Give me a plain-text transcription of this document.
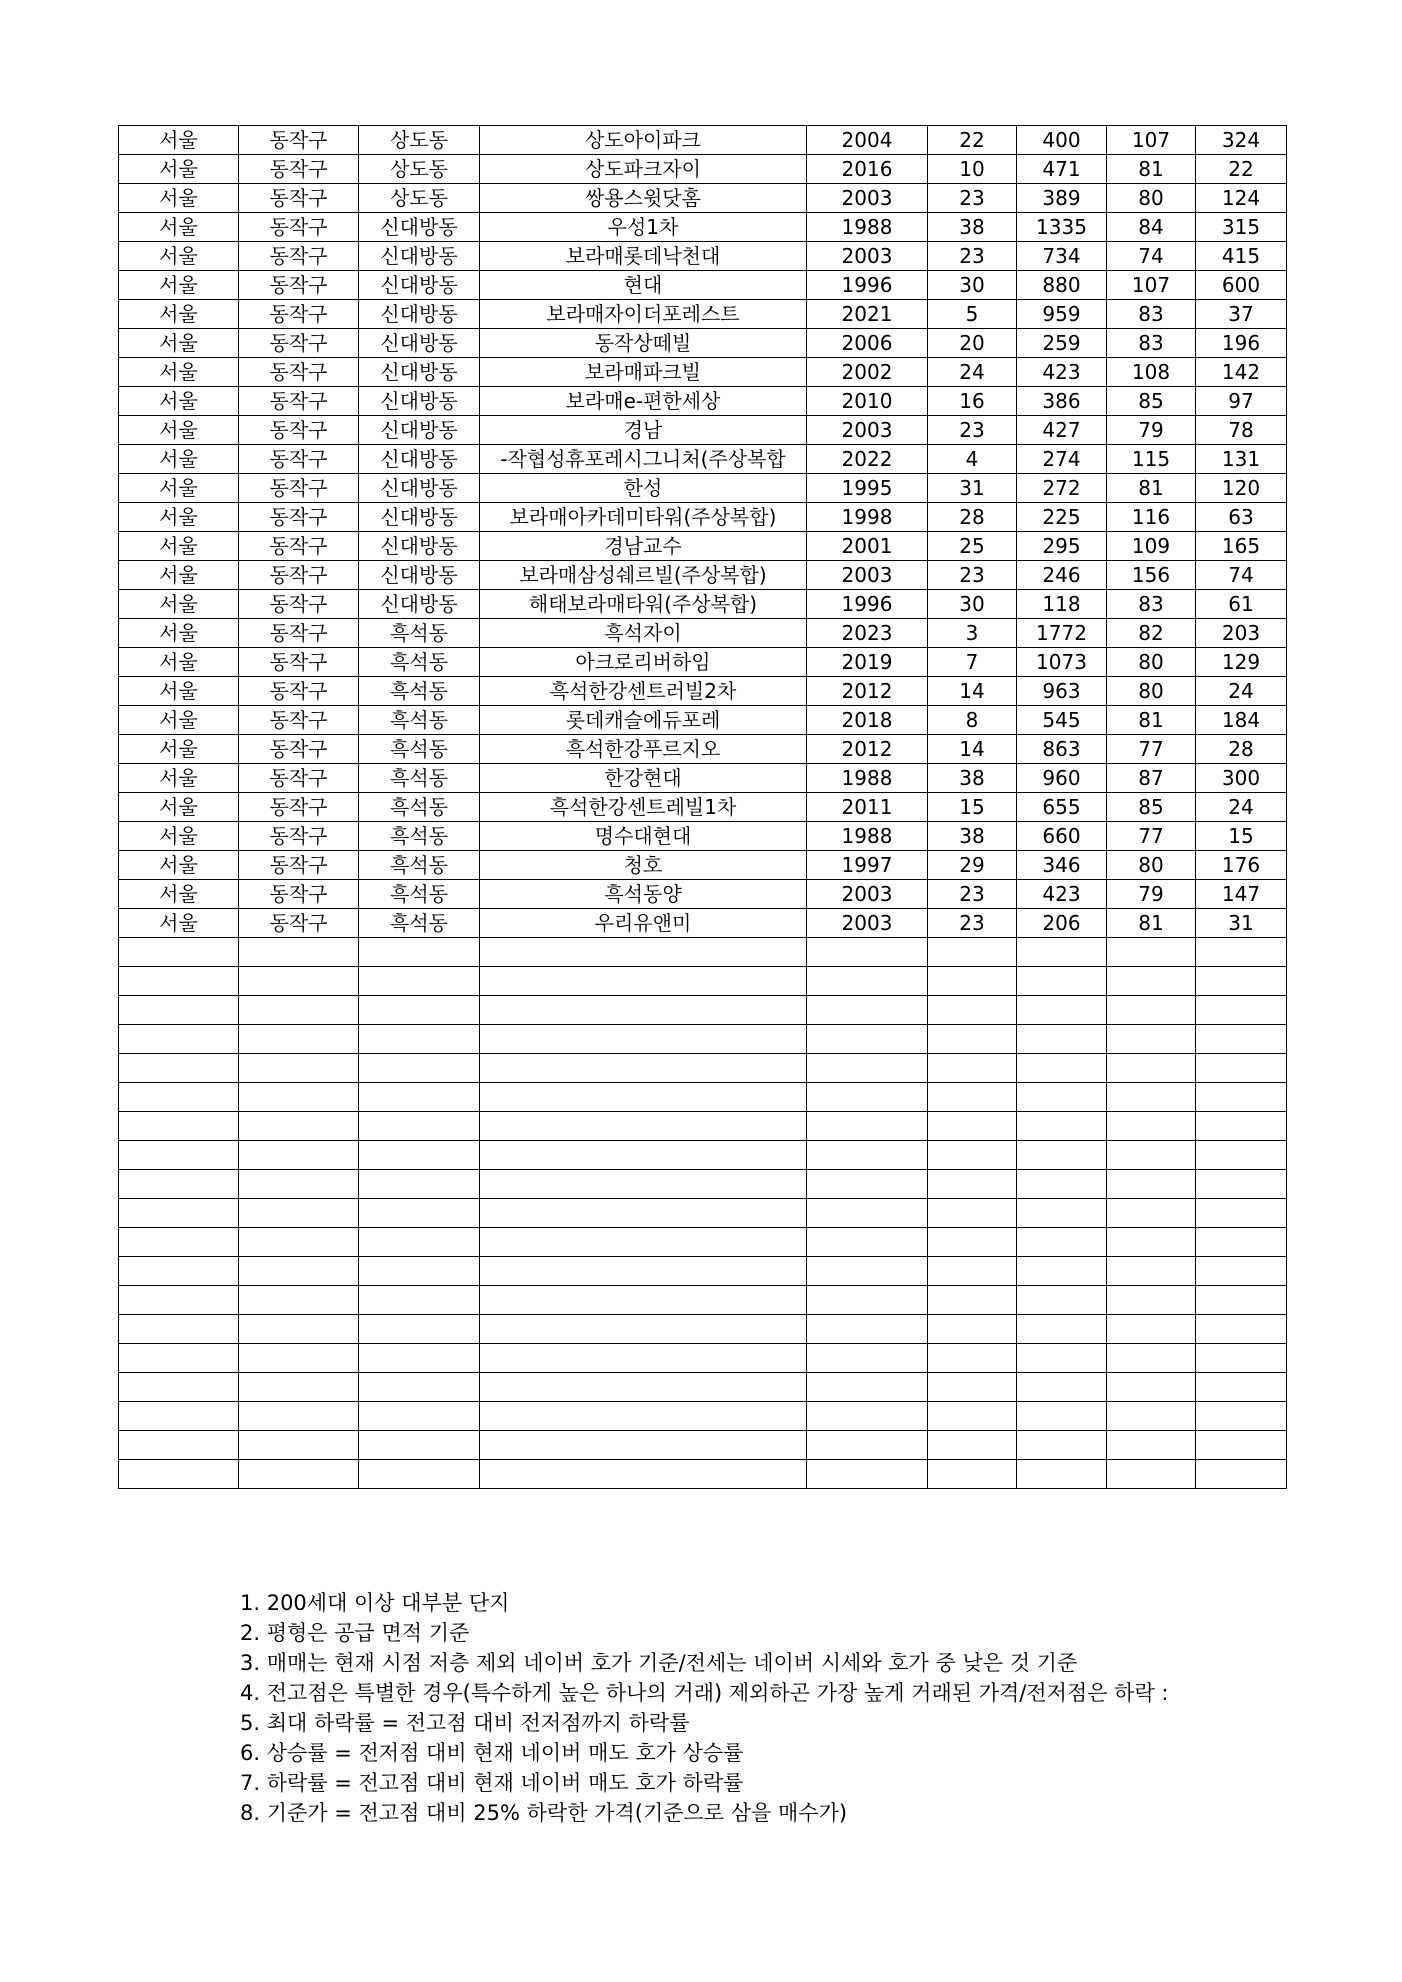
서울	동작구	상도동	상도아이파크	2004	22	400	107	324
서울	동작구	상도동	상도파크자이	2016	10	471	81	22
서울	동작구	상도동	쌍용스윗닷홈	2003	23	389	80	124
서울	동작구	신대방동	우성1차	1988	38	1335	84	315
서울	동작구	신대방동	보라매롯데낙천대	2003	23	734	74	415
서울	동작구	신대방동	현대	1996	30	880	107	600
서울	동작구	신대방동	보라매자이더포레스트	2021	5	959	83	37
서울	동작구	신대방동	동작상떼빌	2006	20	259	83	196
서울	동작구	신대방동	보라매파크빌	2002	24	423	108	142
서울	동작구	신대방동	보라매e-편한세상	2010	16	386	85	97
서울	동작구	신대방동	경남	2003	23	427	79	78
서울	동작구	신대방동	-작협성휴포레시그니처(주상복합	2022	4	274	115	131
서울	동작구	신대방동	한성	1995	31	272	81	120
서울	동작구	신대방동	보라매아카데미타워(주상복합)	1998	28	225	116	63
서울	동작구	신대방동	경남교수	2001	25	295	109	165
서울	동작구	신대방동	보라매삼성쉐르빌(주상복합)	2003	23	246	156	74
서울	동작구	신대방동	해태보라매타워(주상복합)	1996	30	118	83	61
서울	동작구	흑석동	흑석자이	2023	3	1772	82	203
서울	동작구	흑석동	아크로리버하임	2019	7	1073	80	129
서울	동작구	흑석동	흑석한강센트러빌2차	2012	14	963	80	24
서울	동작구	흑석동	롯데캐슬에듀포레	2018	8	545	81	184
서울	동작구	흑석동	흑석한강푸르지오	2012	14	863	77	28
서울	동작구	흑석동	한강현대	1988	38	960	87	300
서울	동작구	흑석동	흑석한강센트레빌1차	2011	15	655	85	24
서울	동작구	흑석동	명수대현대	1988	38	660	77	15
서울	동작구	흑석동	청호	1997	29	346	80	176
서울	동작구	흑석동	흑석동양	2003	23	423	79	147
서울	동작구	흑석동	우리유앤미	2003	23	206	81	31

1. 200세대 이상 대부분 단지
2. 평형은 공급 면적 기준
3. 매매는 현재 시점 저층 제외 네이버 호가 기준/전세는 네이버 시세와 호가 중 낮은 것 기준
4. 전고점은 특별한 경우(특수하게 높은 하나의 거래) 제외하곤 가장 높게 거래된 가격/전저점은 하락 :
5. 최대 하락률 = 전고점 대비 전저점까지 하락률
6. 상승률 = 전저점 대비 현재 네이버 매도 호가 상승률
7. 하락률 = 전고점 대비 현재 네이버 매도 호가 하락률
8. 기준가 = 전고점 대비 25% 하락한 가격(기준으로 삼을 매수가)
